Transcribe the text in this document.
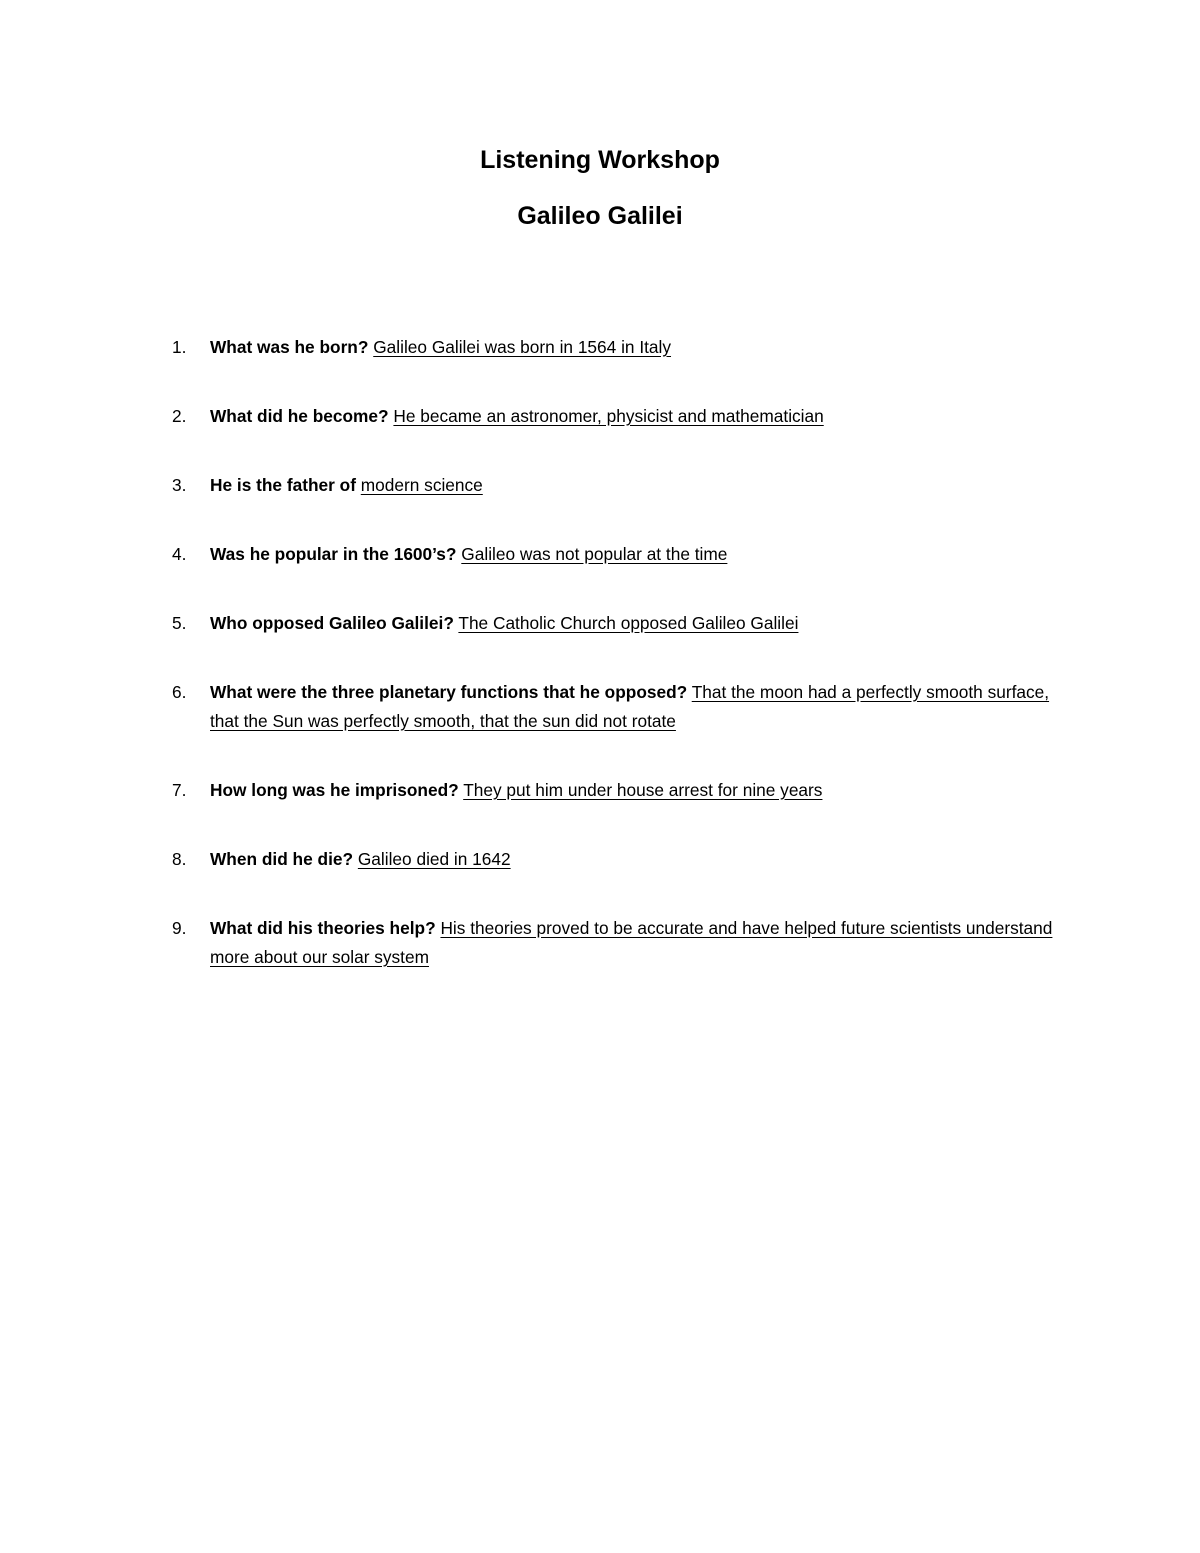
Listening Workshop
Galileo Galilei
1. What was he born? Galileo Galilei was born in 1564 in Italy
2. What did he become? He became an astronomer, physicist and mathematician
3. He is the father of modern science
4. Was he popular in the 1600’s? Galileo was not popular at the time
5. Who opposed Galileo Galilei? The Catholic Church opposed Galileo Galilei
6. What were the three planetary functions that he opposed? That the moon had a perfectly smooth surface, that the Sun was perfectly smooth, that the sun did not rotate
7. How long was he imprisoned? They put him under house arrest for nine years
8. When did he die? Galileo died in 1642
9. What did his theories help? His theories proved to be accurate and have helped future scientists understand more about our solar system
